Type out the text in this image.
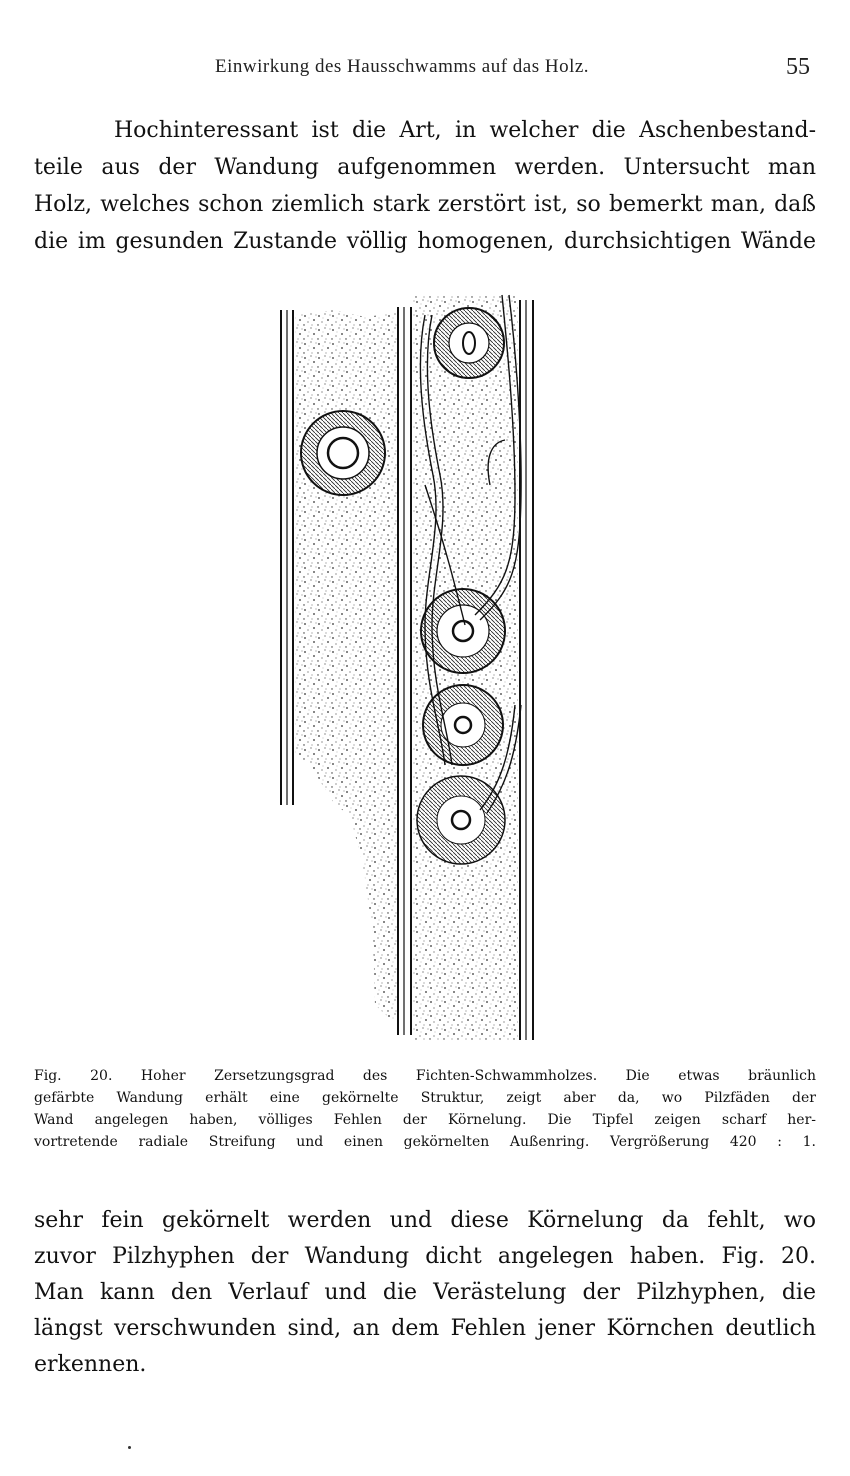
Einwirkung des Hausschwamms auf das Holz.	55
Hochinteressant ist die Art, in welcher die Aschenbestand-
teile aus der Wandung aufgenommen werden. Untersucht man
Holz, welches schon ziemlich stark zerstört ist, so bemerkt man, daß
die im gesunden Zustande völlig homogenen, durchsichtigen Wände
Fig. 20. Hoher Zersetzungsgrad des Fichten-Schwammholzes. Die etwas bräunlich
gefärbte Wandung erhält eine gekörnelte Struktur, zeigt aber da, wo Pilzfäden der
Wand angelegen haben, völliges Fehlen der Körnelung. Die Tipfel zeigen scharf her-
vortretende radiale Streifung und einen gekörnelten Außenring. Vergrößerung 420 : 1.
sehr fein gekörnelt werden und diese Körnelung da fehlt, wo
zuvor Pilzhyphen der Wandung dicht angelegen haben. Fig. 20.
Man kann den Verlauf und die Verästelung der Pilzhyphen, die
längst verschwunden sind, an dem Fehlen jener Körnchen deutlich
erkennen.
